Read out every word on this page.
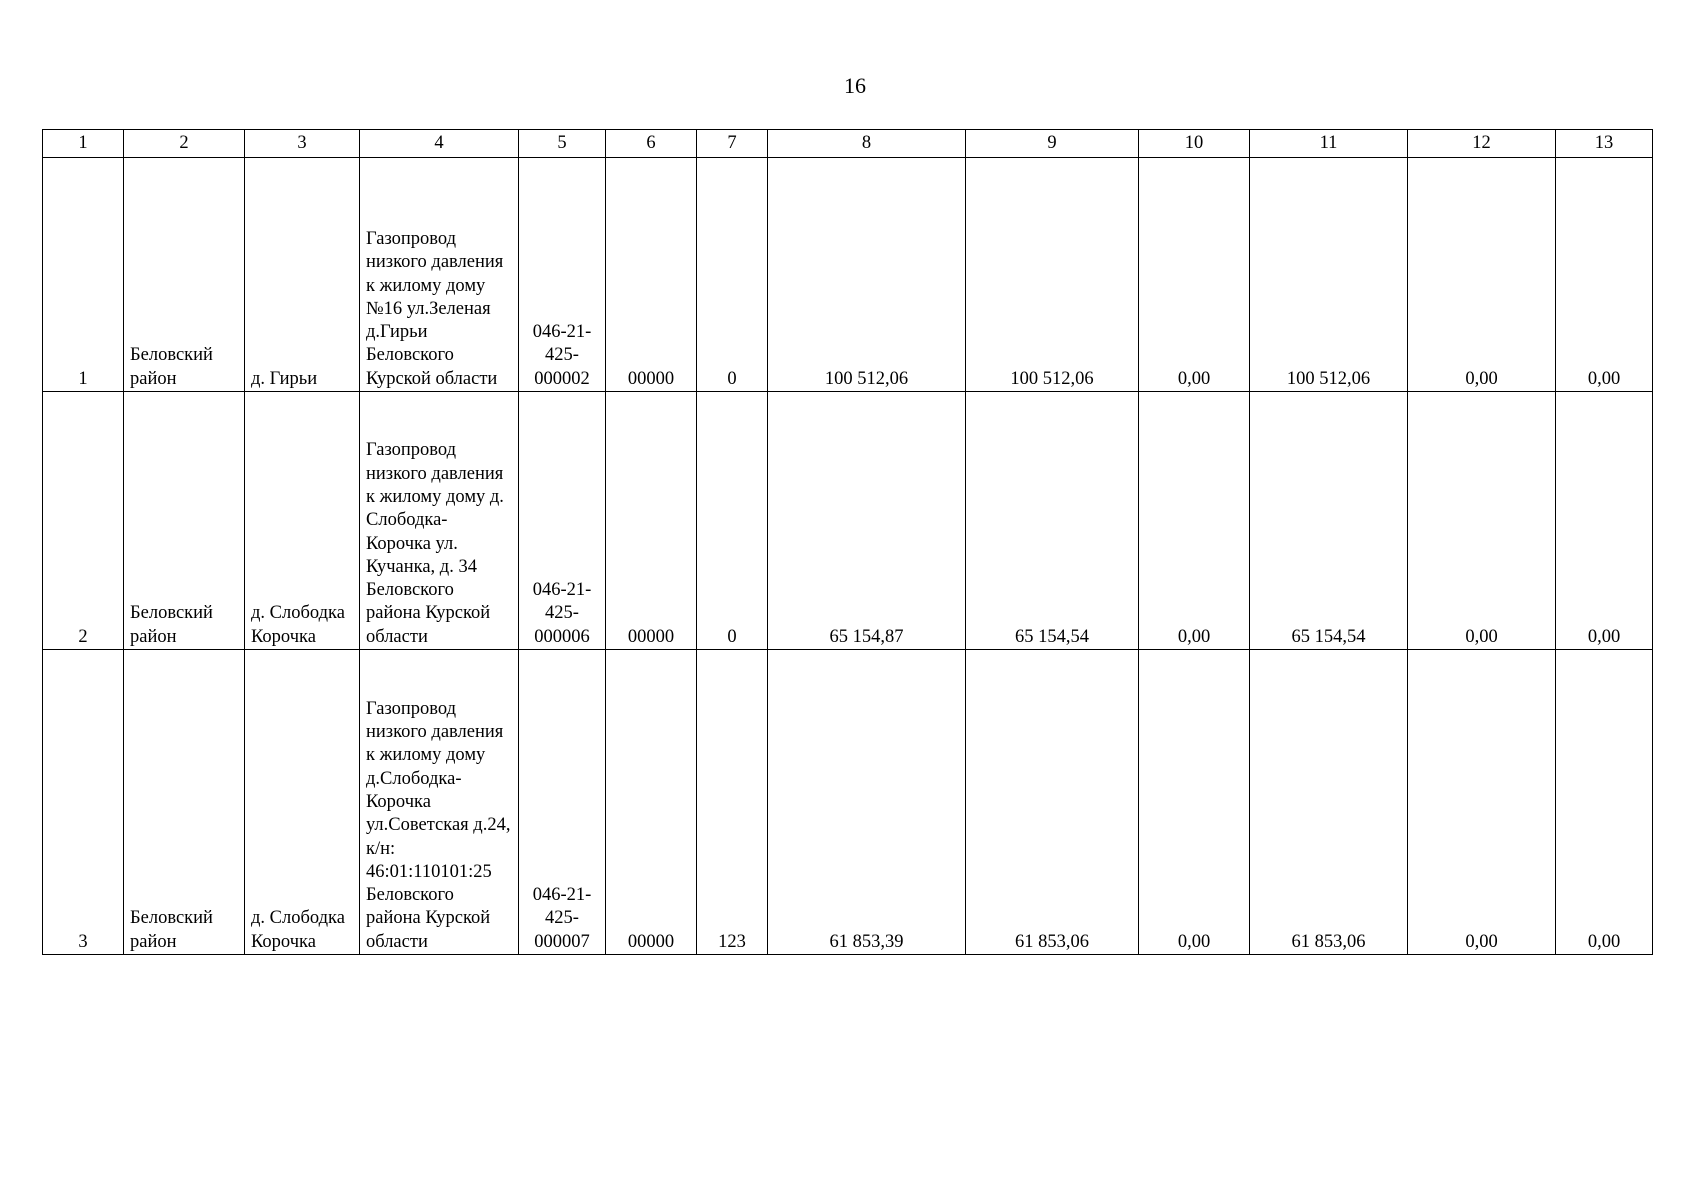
16
1	2	3	4	5	6	7	8	9	10	11	12	13
1	Беловский район	д. Гирьи	Газопровод низкого давления к жилому дому №16 ул.Зеленая д.Гирьи Беловского Курской области	046-21-425-000002	00000	0	100 512,06	100 512,06	0,00	100 512,06	0,00	0,00
2	Беловский район	д. Слободка Корочка	Газопровод низкого давления к жилому дому д. Слободка-Корочка ул. Кучанка, д. 34 Беловского района Курской области	046-21-425-000006	00000	0	65 154,87	65 154,54	0,00	65 154,54	0,00	0,00
3	Беловский район	д. Слободка Корочка	Газопровод низкого давления к жилому дому д.Слободка-Корочка ул.Советская д.24, к/н: 46:01:110101:25 Беловского района Курской области	046-21-425-000007	00000	123	61 853,39	61 853,06	0,00	61 853,06	0,00	0,00
